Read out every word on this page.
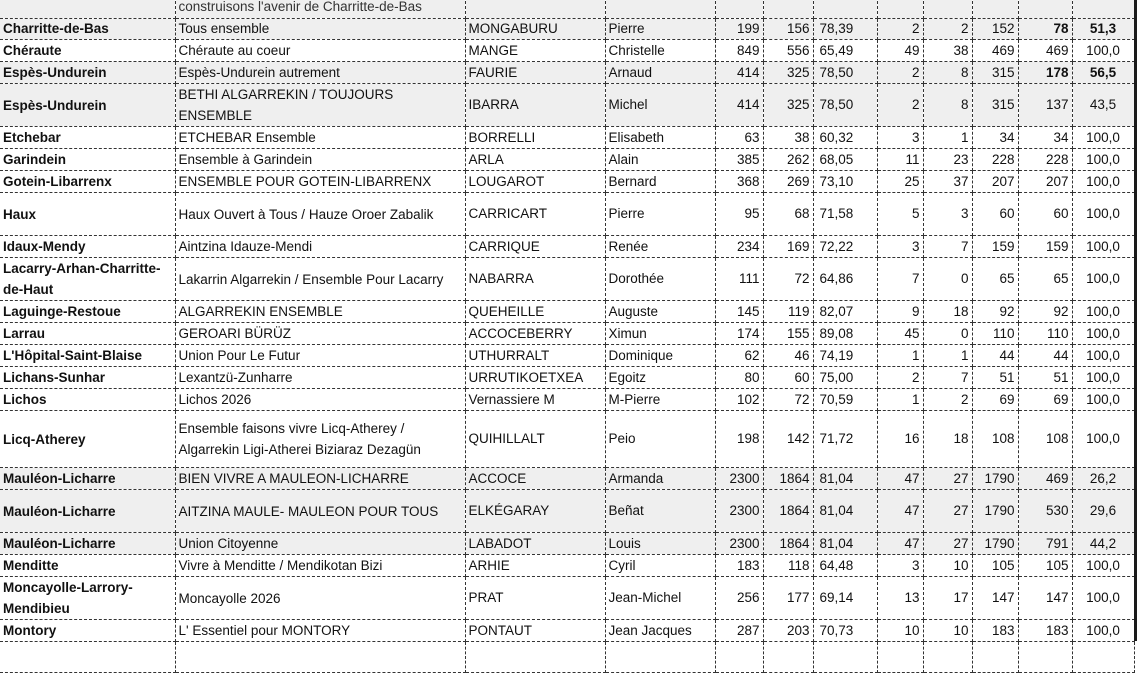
	construisons l'avenir de Charritte-de-Bas										
Charritte-de-Bas	Tous ensemble	MONGABURU	Pierre	199	156	78,39	2	2	152	78	51,3
Chéraute	Chéraute au coeur	MANGE	Christelle	849	556	65,49	49	38	469	469	100,0
Espès-Undurein	Espès-Undurein autrement	FAURIE	Arnaud	414	325	78,50	2	8	315	178	56,5
Espès-Undurein	BETHI ALGARREKIN / TOUJOURS ENSEMBLE	IBARRA	Michel	414	325	78,50	2	8	315	137	43,5
Etchebar	ETCHEBAR Ensemble	BORRELLI	Elisabeth	63	38	60,32	3	1	34	34	100,0
Garindein	Ensemble à Garindein	ARLA	Alain	385	262	68,05	11	23	228	228	100,0
Gotein-Libarrenx	ENSEMBLE POUR GOTEIN-LIBARRENX	LOUGAROT	Bernard	368	269	73,10	25	37	207	207	100,0
Haux	Haux Ouvert à Tous / Hauze Oroer Zabalik	CARRICART	Pierre	95	68	71,58	5	3	60	60	100,0
Idaux-Mendy	Aintzina Idauze-Mendi	CARRIQUE	Renée	234	169	72,22	3	7	159	159	100,0
Lacarry-Arhan-Charritte-de-Haut	Lakarrin Algarrekin / Ensemble Pour Lacarry	NABARRA	Dorothée	111	72	64,86	7	0	65	65	100,0
Laguinge-Restoue	ALGARREKIN ENSEMBLE	QUEHEILLE	Auguste	145	119	82,07	9	18	92	92	100,0
Larrau	GEROARI BÜRÜZ	ACCOCEBERRY	Ximun	174	155	89,08	45	0	110	110	100,0
L'Hôpital-Saint-Blaise	Union Pour Le Futur	UTHURRALT	Dominique	62	46	74,19	1	1	44	44	100,0
Lichans-Sunhar	Lexantzü-Zunharre	URRUTIKOETXEA	Egoitz	80	60	75,00	2	7	51	51	100,0
Lichos	Lichos 2026	Vernassiere M	M-Pierre	102	72	70,59	1	2	69	69	100,0
Licq-Atherey	Ensemble faisons vivre Licq-Atherey / Algarrekin Ligi-Atherei Biziaraz Dezagün	QUIHILLALT	Peio	198	142	71,72	16	18	108	108	100,0
Mauléon-Licharre	BIEN VIVRE A MAULEON-LICHARRE	ACCOCE	Armanda	2300	1864	81,04	47	27	1790	469	26,2
Mauléon-Licharre	AITZINA MAULE- MAULEON POUR TOUS	ELKÉGARAY	Beñat	2300	1864	81,04	47	27	1790	530	29,6
Mauléon-Licharre	Union Citoyenne	LABADOT	Louis	2300	1864	81,04	47	27	1790	791	44,2
Menditte	Vivre à Menditte / Mendikotan Bizi	ARHIE	Cyril	183	118	64,48	3	10	105	105	100,0
Moncayolle-Larrory-Mendibieu	Moncayolle 2026	PRAT	Jean-Michel	256	177	69,14	13	17	147	147	100,0
Montory	L' Essentiel pour MONTORY	PONTAUT	Jean Jacques	287	203	70,73	10	10	183	183	100,0
